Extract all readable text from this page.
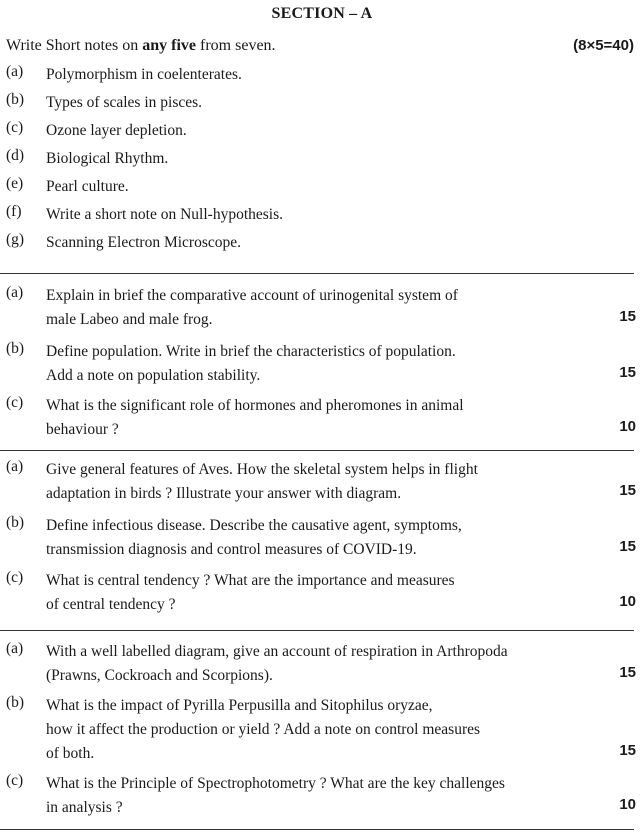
SECTION – A
Write Short notes on any five from seven.	(8×5=40)
(a)	Polymorphism in coelenterates.
(b)	Types of scales in pisces.
(c)	Ozone layer depletion.
(d)	Biological Rhythm.
(e)	Pearl culture.
(f)	Write a short note on Null-hypothesis.
(g)	Scanning Electron Microscope.
(a)	Explain in brief the comparative account of urinogenital system of
male Labeo and male frog.	15
(b)	Define population. Write in brief the characteristics of population.
Add a note on population stability.	15
(c)	What is the significant role of hormones and pheromones in animal
behaviour ?	10
(a)	Give general features of Aves. How the skeletal system helps in flight
adaptation in birds ? Illustrate your answer with diagram.	15
(b)	Define infectious disease. Describe the causative agent, symptoms,
transmission diagnosis and control measures of COVID-19.	15
(c)	What is central tendency ? What are the importance and measures
of central tendency ?	10
(a)	With a well labelled diagram, give an account of respiration in Arthropoda
(Prawns, Cockroach and Scorpions).	15
(b)	What is the impact of Pyrilla Perpusilla and Sitophilus oryzae,
how it affect the production or yield ? Add a note on control measures
of both.	15
(c)	What is the Principle of Spectrophotometry ? What are the key challenges
in analysis ?	10
